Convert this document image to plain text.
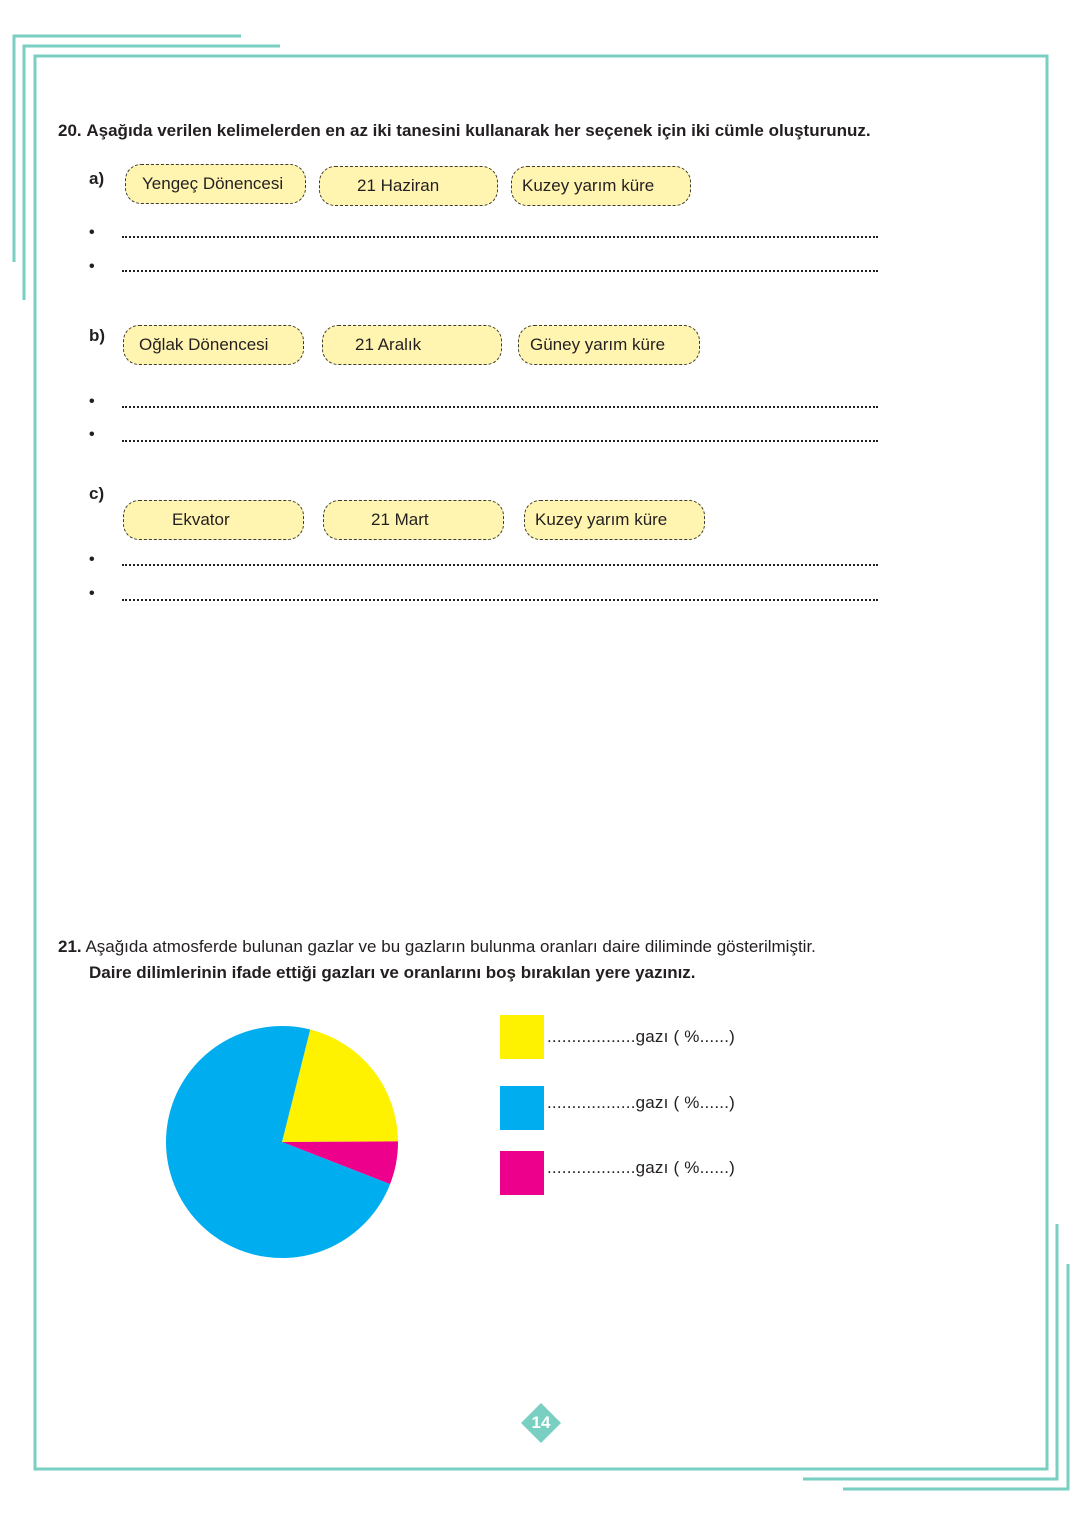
20. Aşağıda verilen kelimelerden en az iki tanesini kullanarak her seçenek için iki cümle oluşturunuz.
a) Yengeç Dönencesi	21 Haziran	Kuzey yarım küre
•
•
b) Oğlak Dönencesi	21 Aralık	Güney yarım küre
•
•
c)
Ekvator	21 Mart	Kuzey yarım küre
•
•
21. Aşağıda atmosferde bulunan gazlar ve bu gazların bulunma oranları daire diliminde gösterilmiştir.
Daire dilimlerinin ifade ettiği gazları ve oranlarını boş bırakılan yere yazınız.
..................gazı ( %......)
..................gazı ( %......)
..................gazı ( %......)
14
